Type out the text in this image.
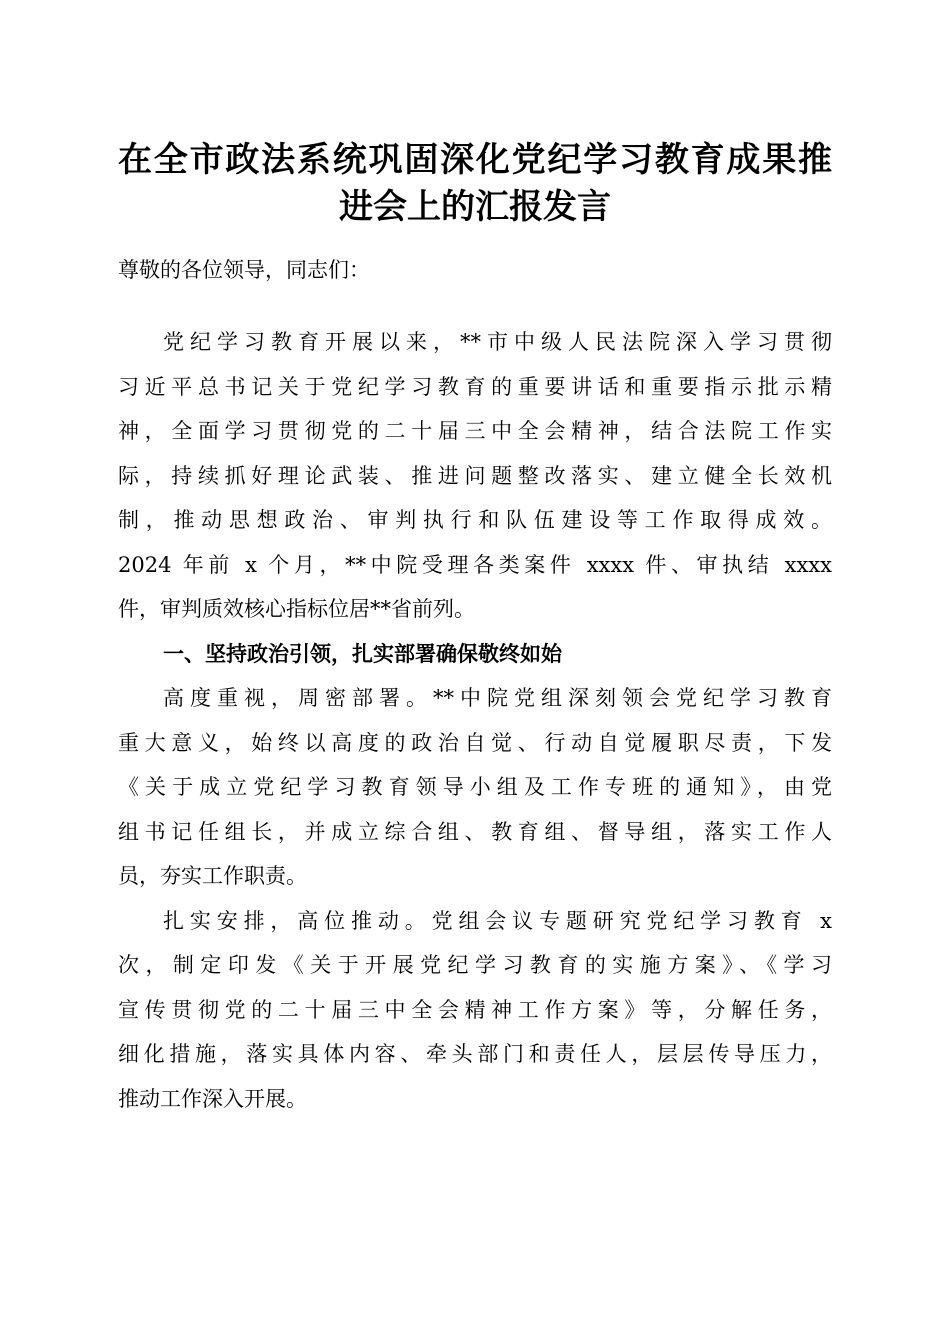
在全市政法系统巩固深化党纪学习教育成果推
进会上的汇报发言
尊敬的各位领导，同志们：
党纪学习教育开展以来，**市中级人民法院深入学习贯彻
习近平总书记关于党纪学习教育的重要讲话和重要指示批示精
神，全面学习贯彻党的二十届三中全会精神，结合法院工作实
际，持续抓好理论武装、推进问题整改落实、建立健全长效机
制，推动思想政治、审判执行和队伍建设等工作取得成效。
2024 年前 x 个月，**中院受理各类案件 xxxx 件、审执结 xxxx
件，审判质效核心指标位居**省前列。
一、坚持政治引领，扎实部署确保敬终如始
高度重视，周密部署。**中院党组深刻领会党纪学习教育
重大意义，始终以高度的政治自觉、行动自觉履职尽责，下发
《关于成立党纪学习教育领导小组及工作专班的通知》，由党
组书记任组长，并成立综合组、教育组、督导组，落实工作人
员，夯实工作职责。
扎实安排，高位推动。党组会议专题研究党纪学习教育 x
次，制定印发《关于开展党纪学习教育的实施方案》、《学习
宣传贯彻党的二十届三中全会精神工作方案》等，分解任务，
细化措施，落实具体内容、牵头部门和责任人，层层传导压力，
推动工作深入开展。
